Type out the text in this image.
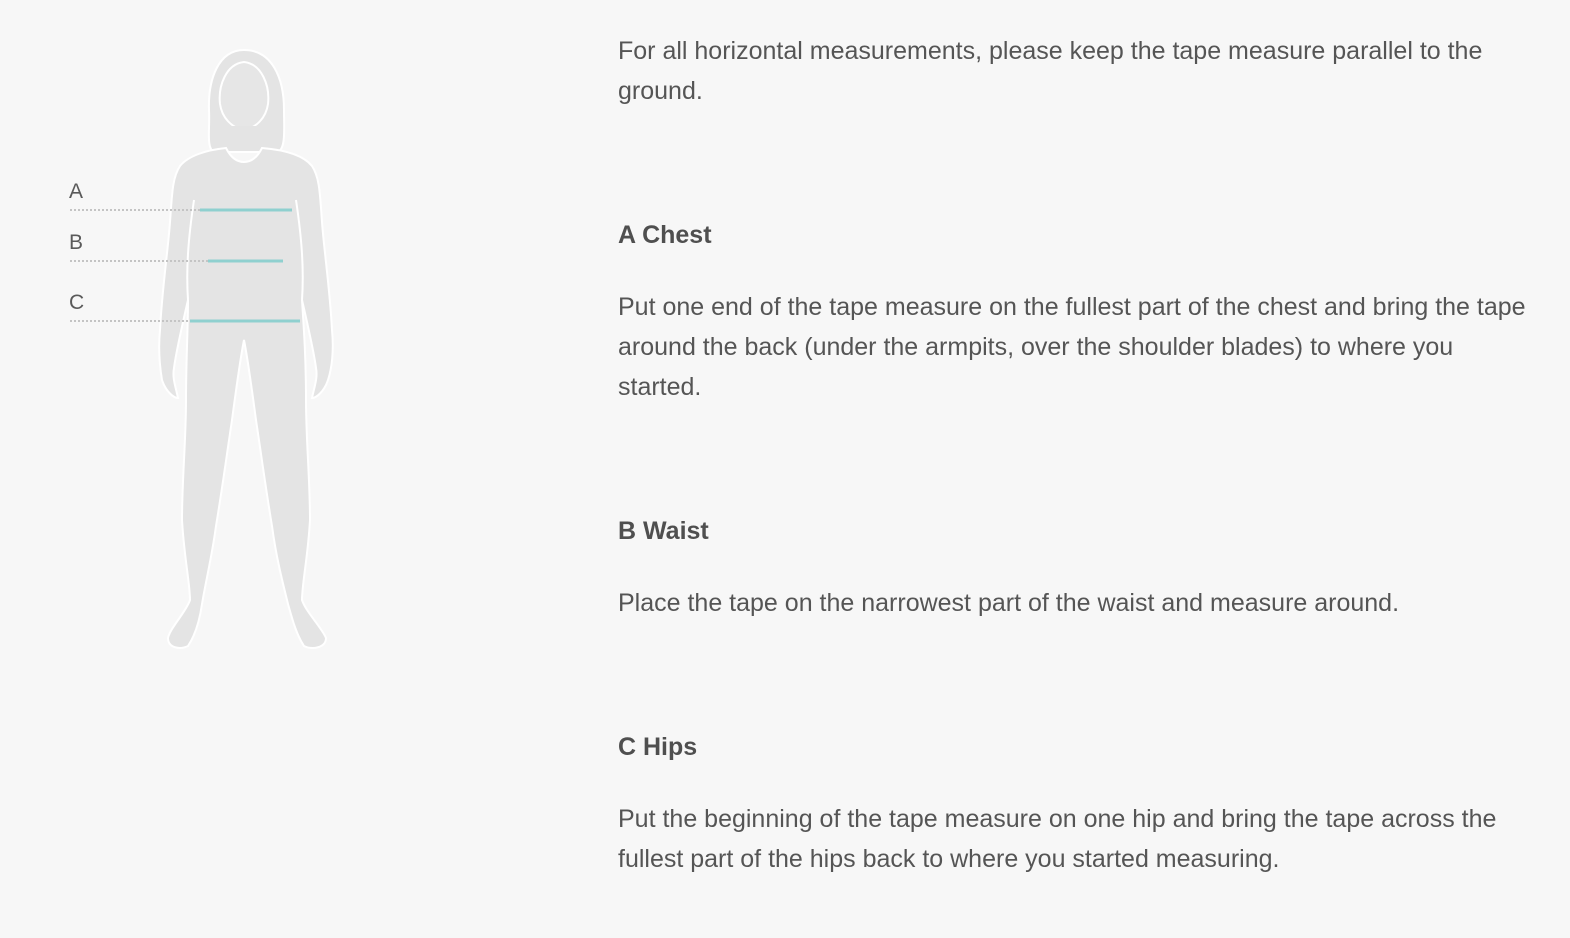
A
B
C

For all horizontal measurements, please keep the tape measure parallel to the ground.

A Chest

Put one end of the tape measure on the fullest part of the chest and bring the tape around the back (under the armpits, over the shoulder blades) to where you started.

B Waist

Place the tape on the narrowest part of the waist and measure around.

C Hips

Put the beginning of the tape measure on one hip and bring the tape across the fullest part of the hips back to where you started measuring.
